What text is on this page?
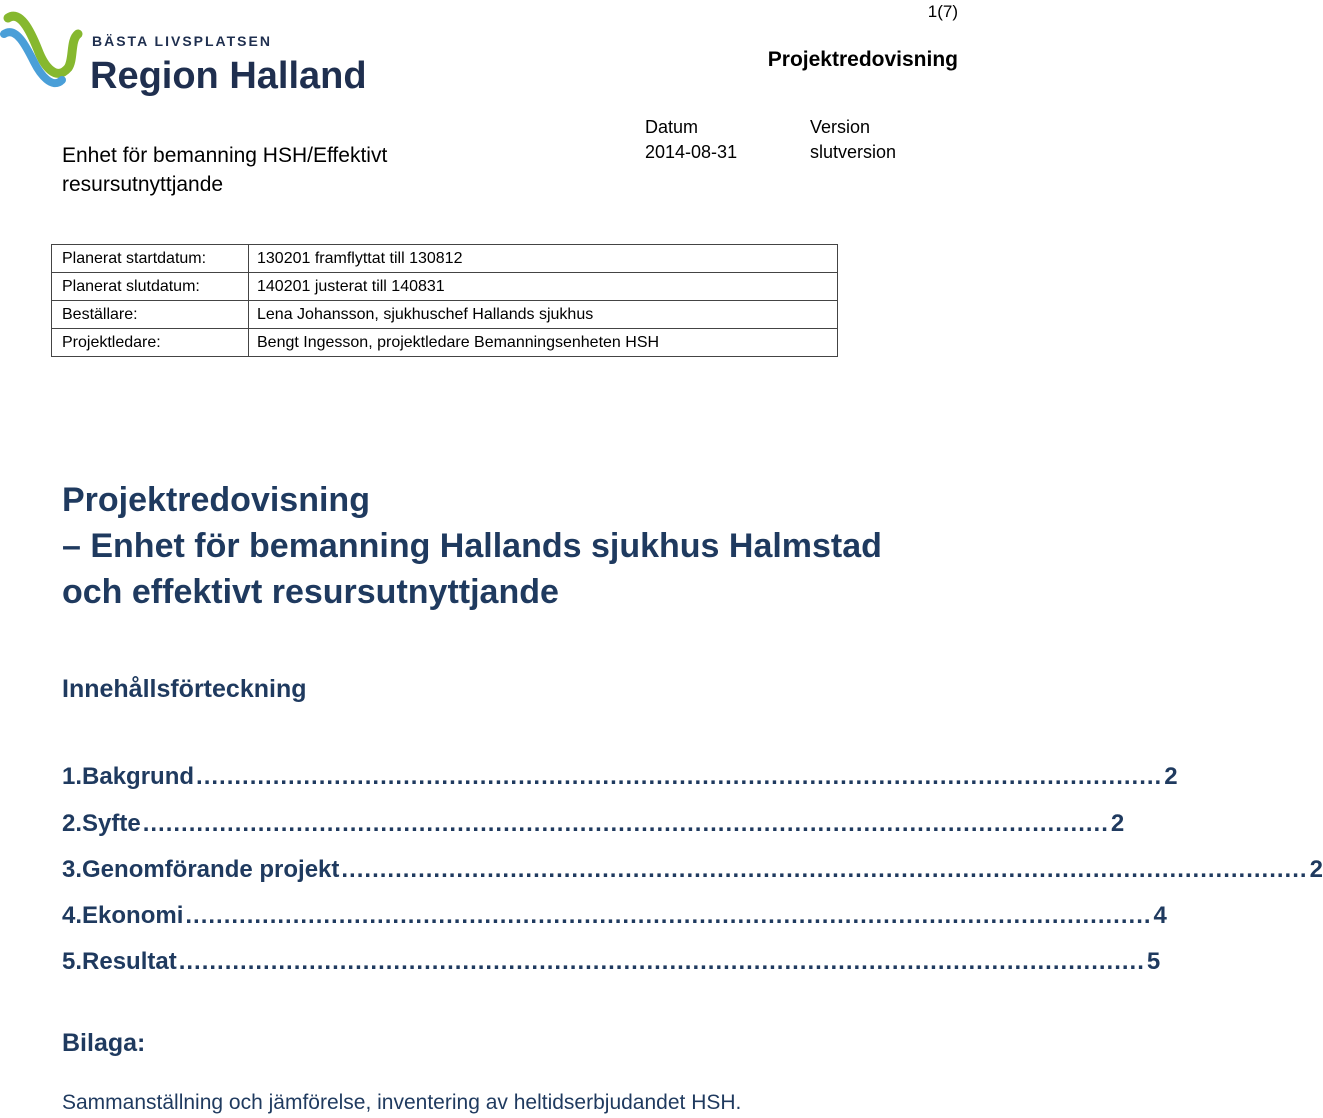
BÄSTA LIVSPLATSEN
Region Halland
1(7)
Projektredovisning
Enhet för bemanning HSH/Effektivt
resursutnyttjande
Datum
2014-08-31
Version
slutversion
Planerat startdatum:	130201 framflyttat till 130812
Planerat slutdatum:	140201 justerat till 140831
Beställare:	Lena Johansson, sjukhuschef Hallands sjukhus
Projektledare:	Bengt Ingesson, projektledare Bemanningsenheten HSH
Projektredovisning
– Enhet för bemanning Hallands sjukhus Halmstad
och effektivt resursutnyttjande
Innehållsförteckning
1. Bakgrund .............................................................................................................................. 2
2. Syfte .............................................................................................................................. 2
3. Genomförande projekt .............................................................................................................................. 2
4. Ekonomi .............................................................................................................................. 4
5. Resultat .............................................................................................................................. 5
Bilaga:
Sammanställning och jämförelse, inventering av heltidserbjudandet HSH.
